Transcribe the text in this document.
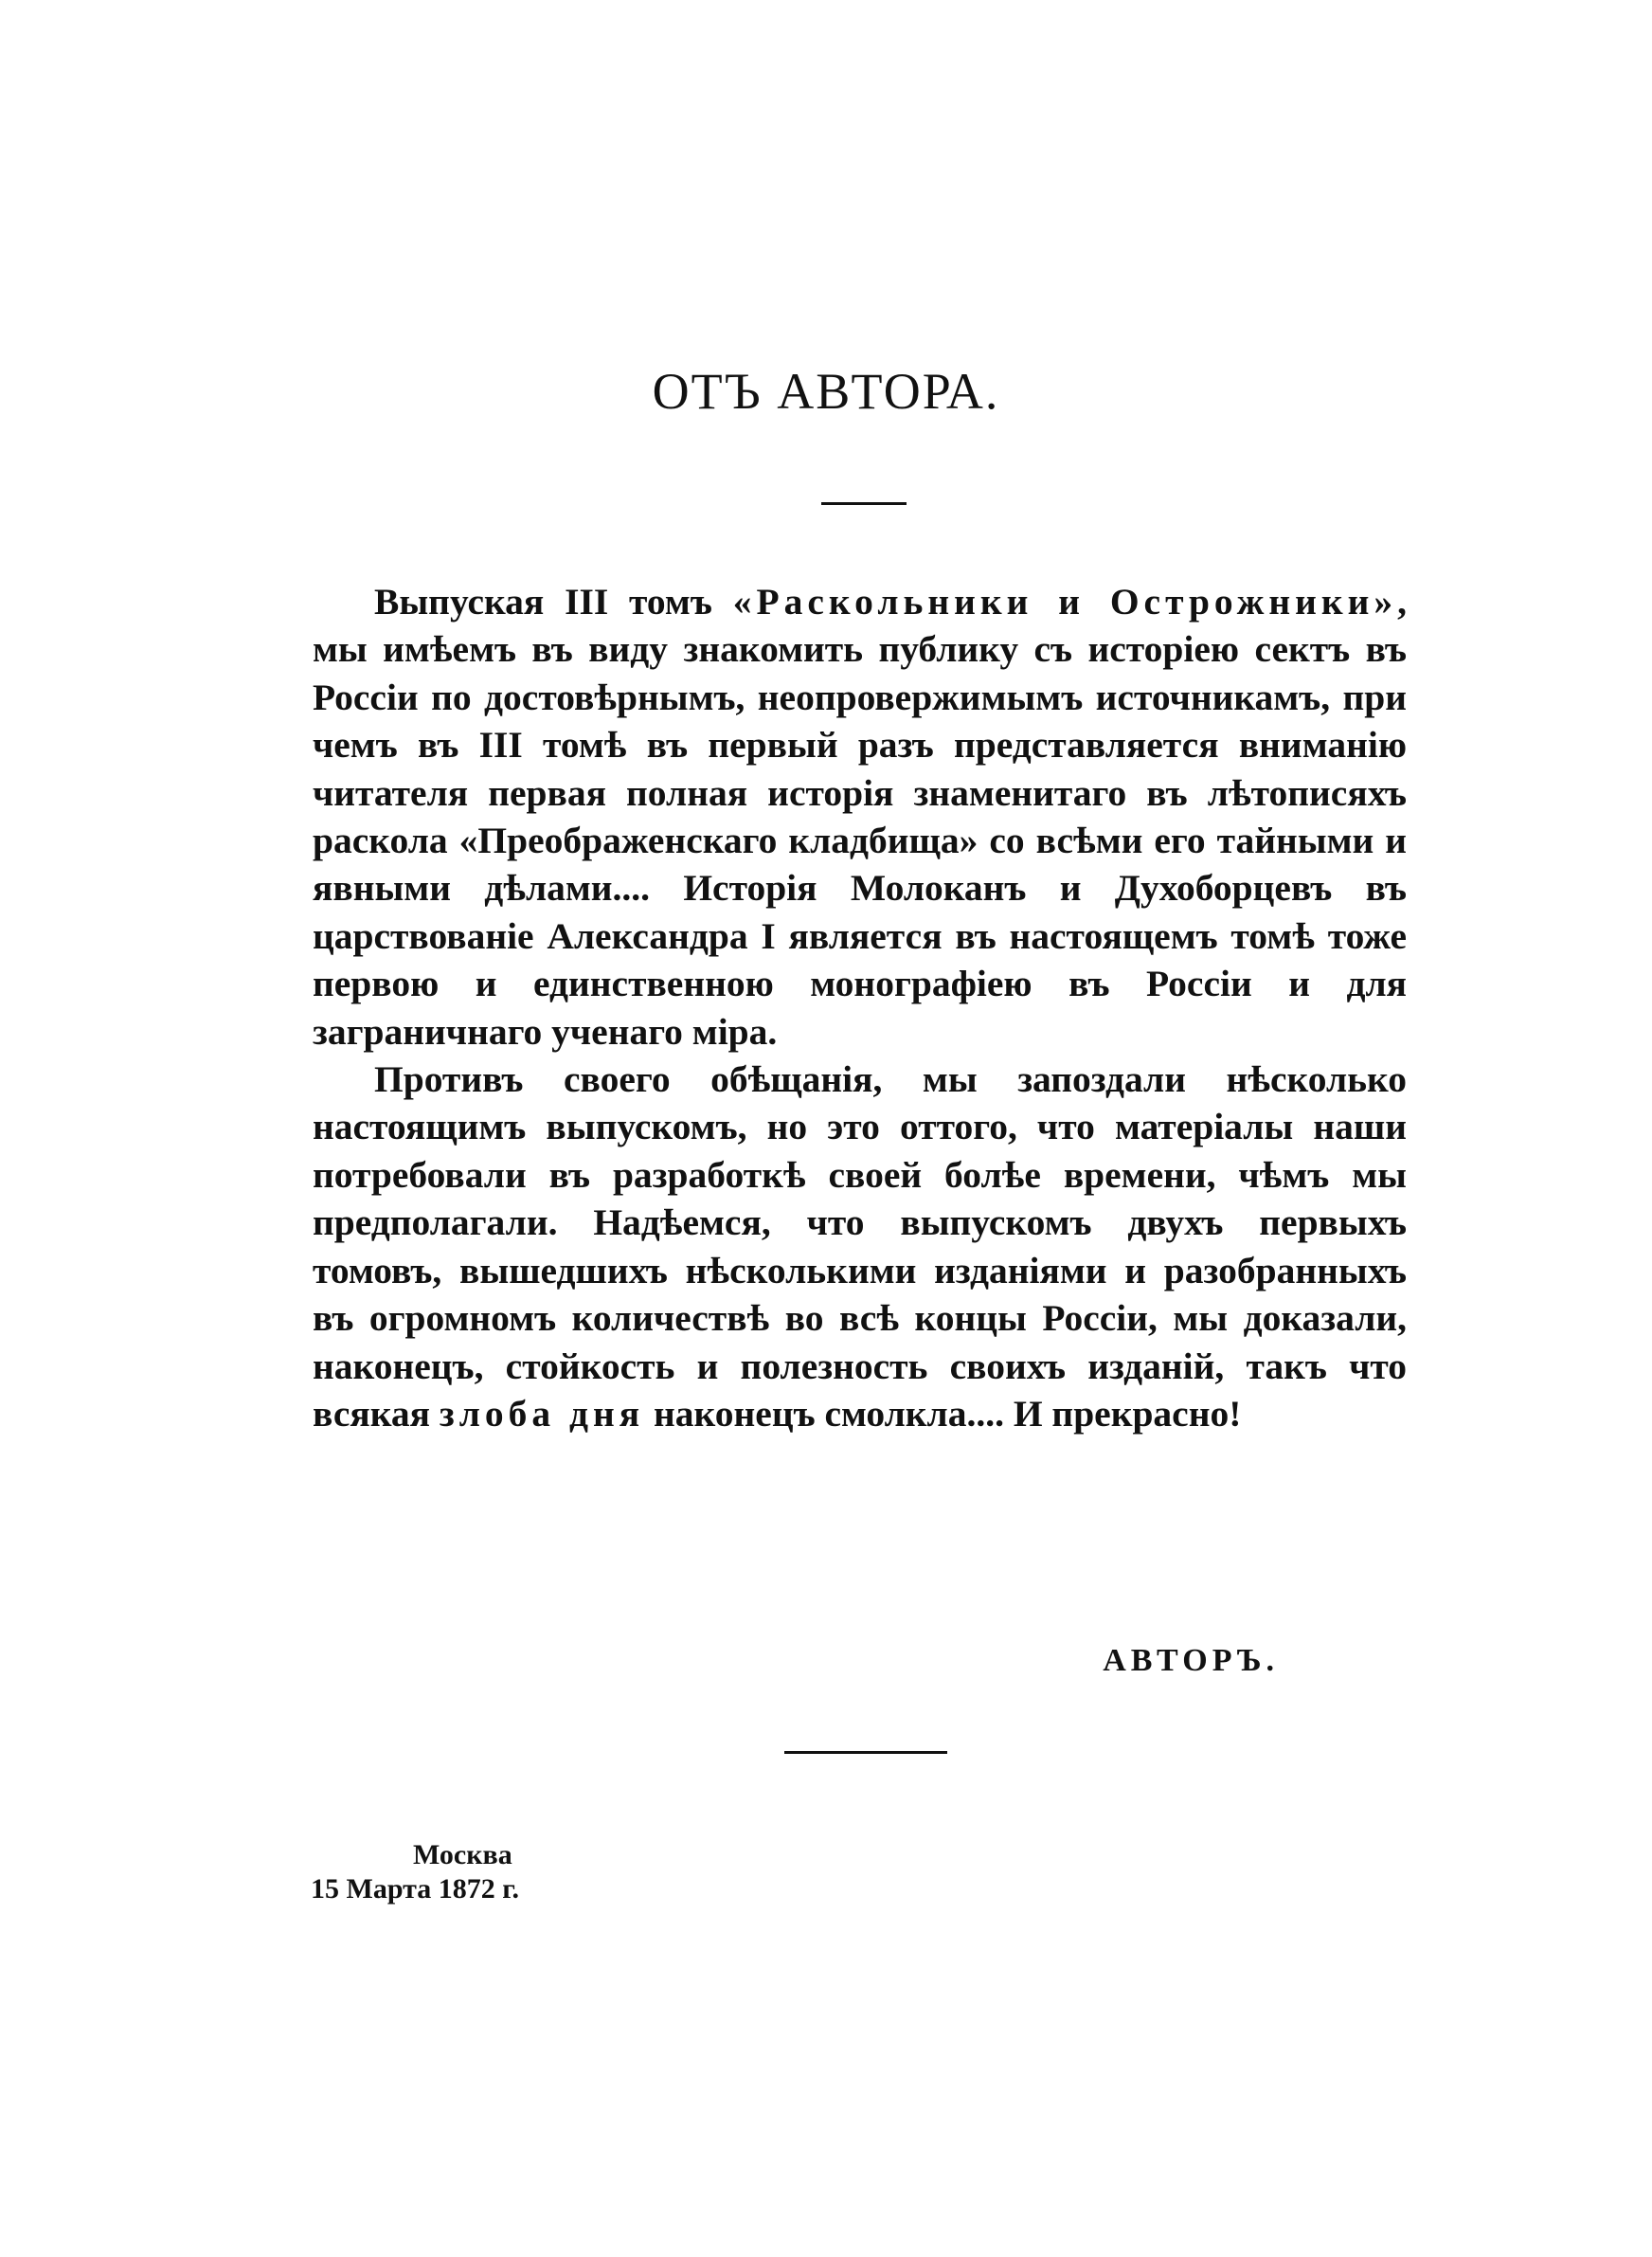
ОТЪ АВТОРА.

Выпуская III томъ «Раскольники и Острожники», мы имѣемъ въ виду знакомить публику съ исторіею сектъ въ Россіи по достовѣрнымъ, неопровержимымъ источникамъ, при чемъ въ III томѣ въ первый разъ представляется вниманію читателя первая полная исторія знаменитаго въ лѣтописяхъ раскола «Преображенскаго кладбища» со всѣми его тайными и явными дѣлами.... Исторія Молоканъ и Духоборцевъ въ царствованіе Александра I является въ настоящемъ томѣ тоже первою и единственною монографіею въ Россіи и для заграничнаго ученаго міра.

Противъ своего обѣщанія, мы запоздали нѣсколько настоящимъ выпускомъ, но это оттого, что матеріалы наши потребовали въ разработкѣ своей болѣе времени, чѣмъ мы предполагали. Надѣемся, что выпускомъ двухъ первыхъ томовъ, вышедшихъ нѣсколькими изданіями и разобранныхъ въ огромномъ количествѣ во всѣ концы Россіи, мы доказали, наконецъ, стойкость и полезность своихъ изданій, такъ что всякая злоба дня наконецъ смолкла.... И прекрасно!

АВТОРЪ.
Москва
15 Марта 1872 г.
